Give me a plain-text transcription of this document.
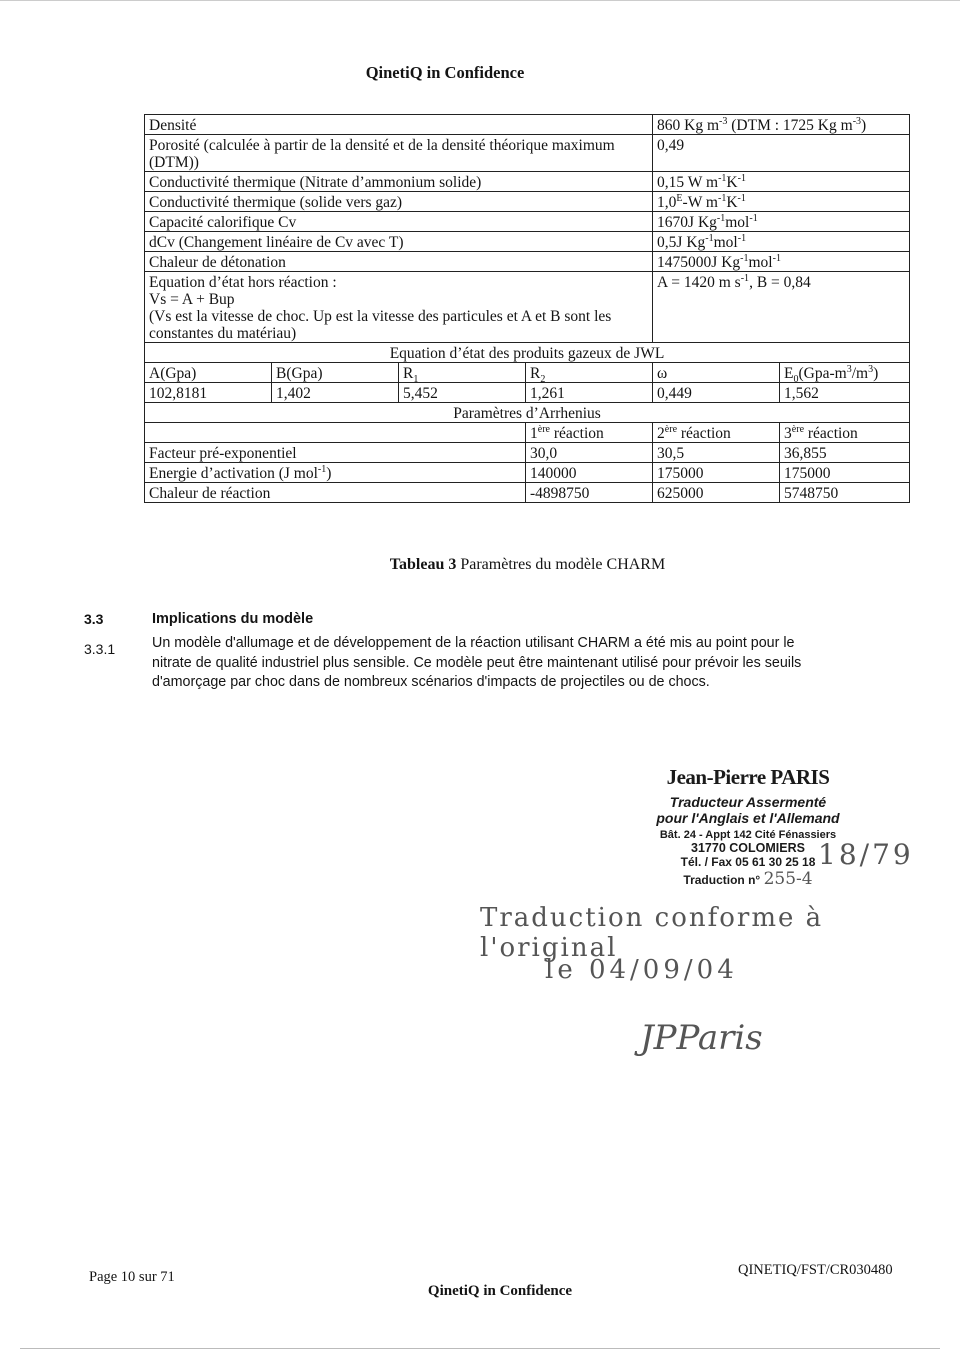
QinetiQ in Confidence
Densité				860 Kg $m^{-3}$ (DTM : 1725 Kg $m^{-3}$)	
Porosité (calculée à partir de la densité et de la densité théorique maximum (DTM))				0,49	
Conductivité thermique (Nitrate d’ammonium solide)				0,15 W $m^{-1}K^{-1}$
Conductivité thermique (solide vers gaz)				$1,0^E-W$ $m^{-1}K^{-1}$
Capacité calorifique Cv				1670J $Kg^{-1}mol^{-1}$
dCv (Changement linéaire de Cv avec T)				0,5J $Kg^{-1}mol^{-1}$
Chaleur de détonation				1475000J $Kg^{-1}mol^{-1}$
Equation d’état hors réaction :
Vs = A + Bup
(Vs est la vitesse de choc. Up est la vitesse des particules et A et B sont les constantes du matériau)				A = 1420 m $s^{-1}$, B = 0,84	
Equation d’état des produits gazeux de JWL					
A(Gpa)	B(Gpa)	$R_1$	$R_2$	ω	$E_0(Gpa-m^3/m^3)$
102,8181	1,402	5,452	1,261	0,449	1,562
Paramètres d’Arrhenius					
			1ère réaction	2ère réaction	3ère réaction
Facteur pré-exponentiel			30,0	30,5	36,855
Energie d’activation (J mol$^{-1}$)			140000	175000	175000
Chaleur de réaction			-4898750	625000	5748750
Tableau 3 Paramètres du modèle CHARM
3.3	Implications du modèle
3.3.1	Un modèle d'allumage et de développement de la réaction utilisant CHARM a été mis au point pour le
nitrate de qualité industriel plus sensible. Ce modèle peut être maintenant utilisé pour prévoir les seuils
d'amorçage par choc dans de nombreux scénarios d'impacts de projectiles ou de chocs.
Jean-Pierre PARIS
Traducteur Assermenté
pour l'Anglais et l'Allemand
Bât. 24 - Appt 142 Cité Fénassiers
31770 COLOMIERS
Tél. / Fax 05 61 30 25 18
Traduction n° 255-4
18/79
Traduction conforme à l'original
le 04/09/04
JPParis
Page 10 sur 71	QINETIQ/FST/CR030480
QinetiQ in Confidence
